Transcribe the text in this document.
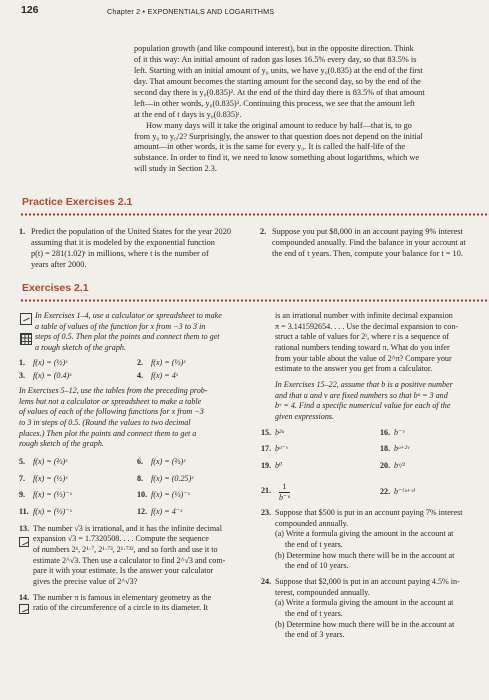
126	Chapter 2 • EXPONENTIALS AND LOGARITHMS

population growth (and like compound interest), but in the opposite direction. Think

of it this way: An initial amount of radon gas loses 16.5% every day, so that 83.5% is

left. Starting with an initial amount of y₀ units, we have y₀(0.835) at the end of the first

day. That amount becomes the starting amount for the second day, so by the end of the

second day there is y₀(0.835)². At the end of the third day there is 83.5% of that amount

left—in other words, y₀(0.835)³. Continuing this process, we see that the amount left

at the end of t days is y₀(0.835)ᵗ.

How many days will it take the original amount to reduce by half—that is, to go

from y₀ to y₀/2? Surprisingly, the answer to that question does not depend on the initial

amount—in other words, it is the same for every y₀. It is called the half-life of the

substance. In order to find it, we need to know something about logarithms, which we

will study in Section 2.3.

Practice Exercises 2.1
1. Predict the population of the United States for the year 2020
assuming that it is modeled by the exponential function
p(t) = 281(1.02)ᵗ in millions, where t is the number of
years after 2000.
2. Suppose you put $8,000 in an account paying 9% interest
compounded annually. Find the balance in your account at
the end of t years. Then, compute your balance for t = 10.
Exercises 2.1
In Exercises 1–4, use a calculator or spreadsheet to make
a table of values of the function for x from −3 to 3 in
steps of 0.5. Then plot the points and connect them to get
a rough sketch of the graph.
1. f(x) = (½)ˣ	2. f(x) = (⅓)ˣ
3. f(x) = (0.4)ˣ	4. f(x) = 4ˣ
In Exercises 5–12, use the tables from the preceding prob-
lems but not a calculator or spreadsheet to make a table
of values of each of the following functions for x from −3
to 3 in steps of 0.5. (Round the values to two decimal
places.) Then plot the points and connect them to get a
rough sketch of the graph.
5. f(x) = (⅔)ˣ	6. f(x) = (⅔)ˣ
7. f(x) = (½)ˣ	8. f(x) = (0.25)ˣ
9. f(x) = (⅓)⁻ˣ	10. f(x) = (⅓)⁻ˣ
11. f(x) = (⅓)⁻ˣ	12. f(x) = 4⁻ˣ
13. The number √3 is irrational, and it has the infinite decimal
expansion √3 = 1.7320508. . . . Compute the sequence
of numbers 2¹, 2¹·⁷, 2¹·⁷³, 2¹·⁷³², and so forth and use it to
estimate 2^√3. Then use a calculator to find 2^√3 and com-
pare it with your estimate. Is the answer your calculator
gives the precise value of 2^√3?
14. The number π is famous in elementary geometry as the
ratio of the circumference of a circle to its diameter. It
is an irrational number with infinite decimal expansion
π = 3.141592654. . . . Use the decimal expansion to con-
struct a table of values for 2ʳ, where r is a sequence of
rational numbers tending toward π. What do you infer
from your table about the value of 2^π? Compare your
estimate to the answer you get from a calculator.
In Exercises 15–22, assume that b is a positive number
and that u and v are fixed numbers so that bᵘ = 3 and
bᵛ = 4. Find a specific numerical value for each of the
given expressions.
15. b²ᵘ	16. b⁻ᵛ
17. bᵘ⁻ᵛ	18. bᵘ⁺²ᵛ
19. b⁰	20. bᵛ/²
21. $\frac{1}{\text{b⁻ᵘ}}$	22. b⁻⁽ᵘ⁺ᵛ⁾
23. Suppose that $500 is put in an account paying 7% interest
compounded annually.
(a) Write a formula giving the amount in the account at
the end of t years.
(b) Determine how much there will be in the account at
the end of 10 years.
24. Suppose that $2,000 is put in an account paying 4.5% in-
terest, compounded annually.
(a) Write a formula giving the amount in the account at
the end of t years.
(b) Determine how much there will be in the account at
the end of 3 years.
